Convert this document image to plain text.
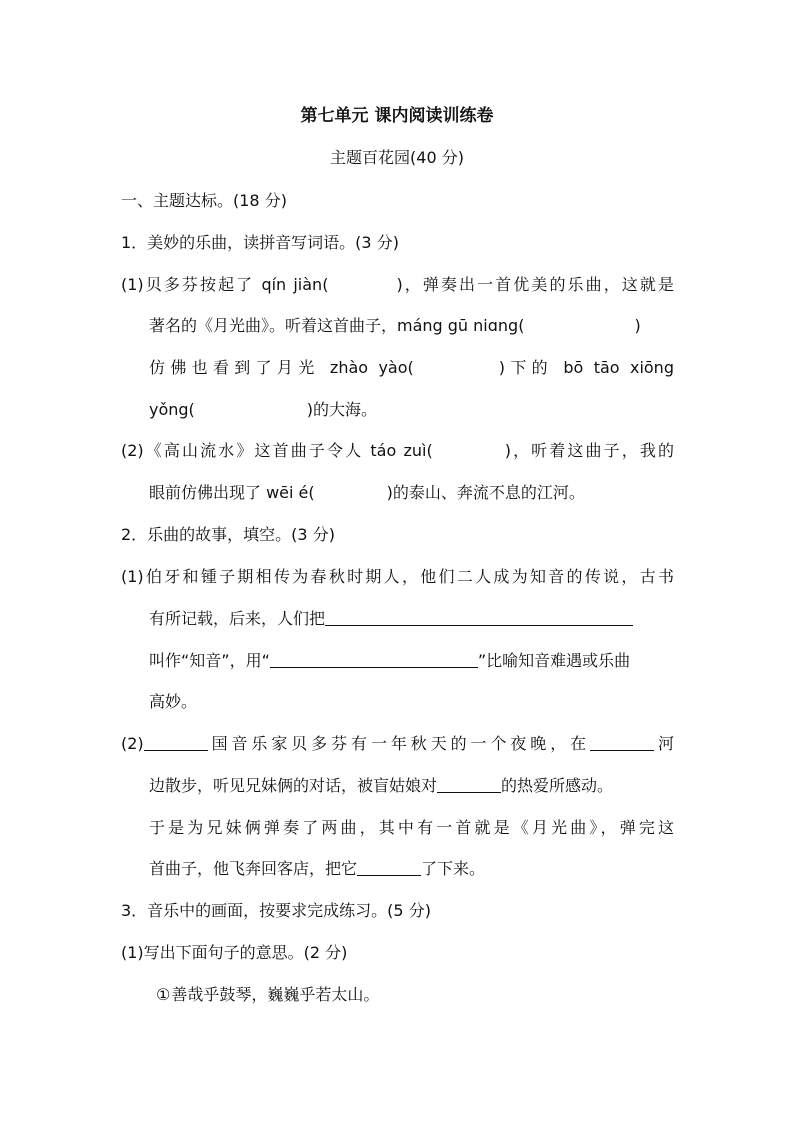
第七单元 课内阅读训练卷
主题百花园(40 分)
一、主题达标。(18 分)
1．美妙的乐曲，读拼音写词语。(3 分)
(1)贝多芬按起了 qín jiàn(	)，弹奏出一首优美的乐曲，这就是
著名的《月光曲》。听着这首曲子，máng gū niɑng(	)
仿佛也看到了月光 zhào yào(	)下的 bō tāo xiōng
yǒng(	)的大海。
(2)《高山流水》这首曲子令人 táo zuì(	)，听着这曲子，我的
眼前仿佛出现了 wēi é(	)的泰山、奔流不息的江河。
2．乐曲的故事，填空。(3 分)
(1)伯牙和锺子期相传为春秋时期人，他们二人成为知音的传说，古书
有所记载，后来，人们把
叫作“知音”，用“	”比喻知音难遇或乐曲
高妙。
(2)	国音乐家贝多芬有一年秋天的一个夜晚，在	河
边散步，听见兄妹俩的对话，被盲姑娘对	的热爱所感动。
于是为兄妹俩弹奏了两曲，其中有一首就是《月光曲》，弹完这
首曲子，他飞奔回客店，把它	了下来。
3．音乐中的画面，按要求完成练习。(5 分)
(1)写出下面句子的意思。(2 分)
①善哉乎鼓琴，巍巍乎若太山。
